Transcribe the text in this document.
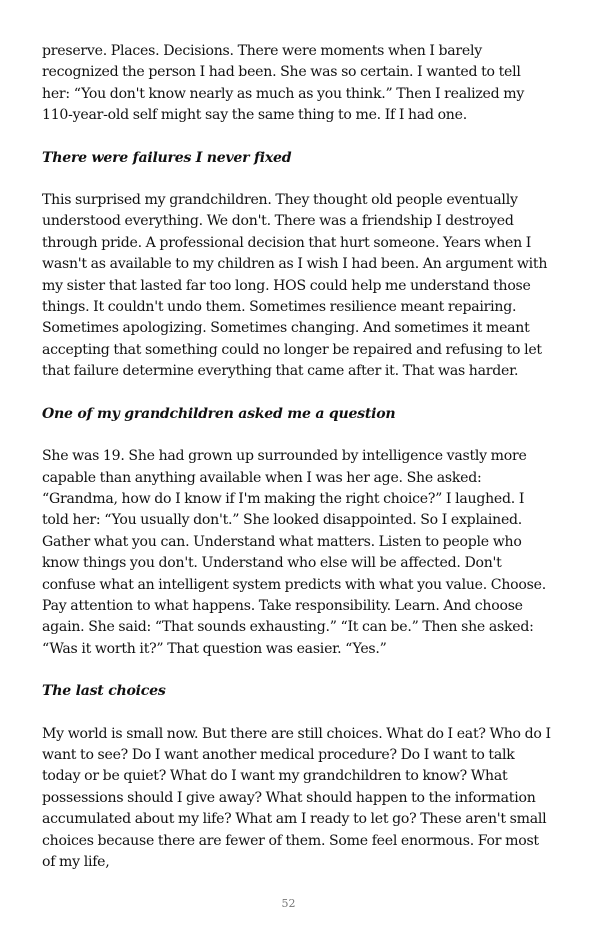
preserve. Places. Decisions. There were moments when I barely recognized the person I had been. She was so certain. I wanted to tell her: “You don't know nearly as much as you think.” Then I realized my 110-year-old self might say the same thing to me. If I had one.

There were failures I never fixed

This surprised my grandchildren. They thought old people eventually understood everything. We don't. There was a friendship I destroyed through pride. A professional decision that hurt someone. Years when I wasn't as available to my children as I wish I had been. An argument with my sister that lasted far too long. HOS could help me understand those things. It couldn't undo them. Sometimes resilience meant repairing. Sometimes apologizing. Sometimes changing. And sometimes it meant accepting that something could no longer be repaired and refusing to let that failure determine everything that came after it. That was harder.

One of my grandchildren asked me a question

She was 19. She had grown up surrounded by intelligence vastly more capable than anything available when I was her age. She asked: “Grandma, how do I know if I'm making the right choice?” I laughed. I told her: “You usually don't.” She looked disappointed. So I explained. Gather what you can. Understand what matters. Listen to people who know things you don't. Understand who else will be affected. Don't confuse what an intelligent system predicts with what you value. Choose. Pay attention to what happens. Take responsibility. Learn. And choose again. She said: “That sounds exhausting.” “It can be.” Then she asked: “Was it worth it?” That question was easier. “Yes.”

The last choices

My world is small now. But there are still choices. What do I eat? Who do I want to see? Do I want another medical procedure? Do I want to talk today or be quiet? What do I want my grandchildren to know? What possessions should I give away? What should happen to the information accumulated about my life? What am I ready to let go? These aren't small choices because there are fewer of them. Some feel enormous. For most of my life,

52
